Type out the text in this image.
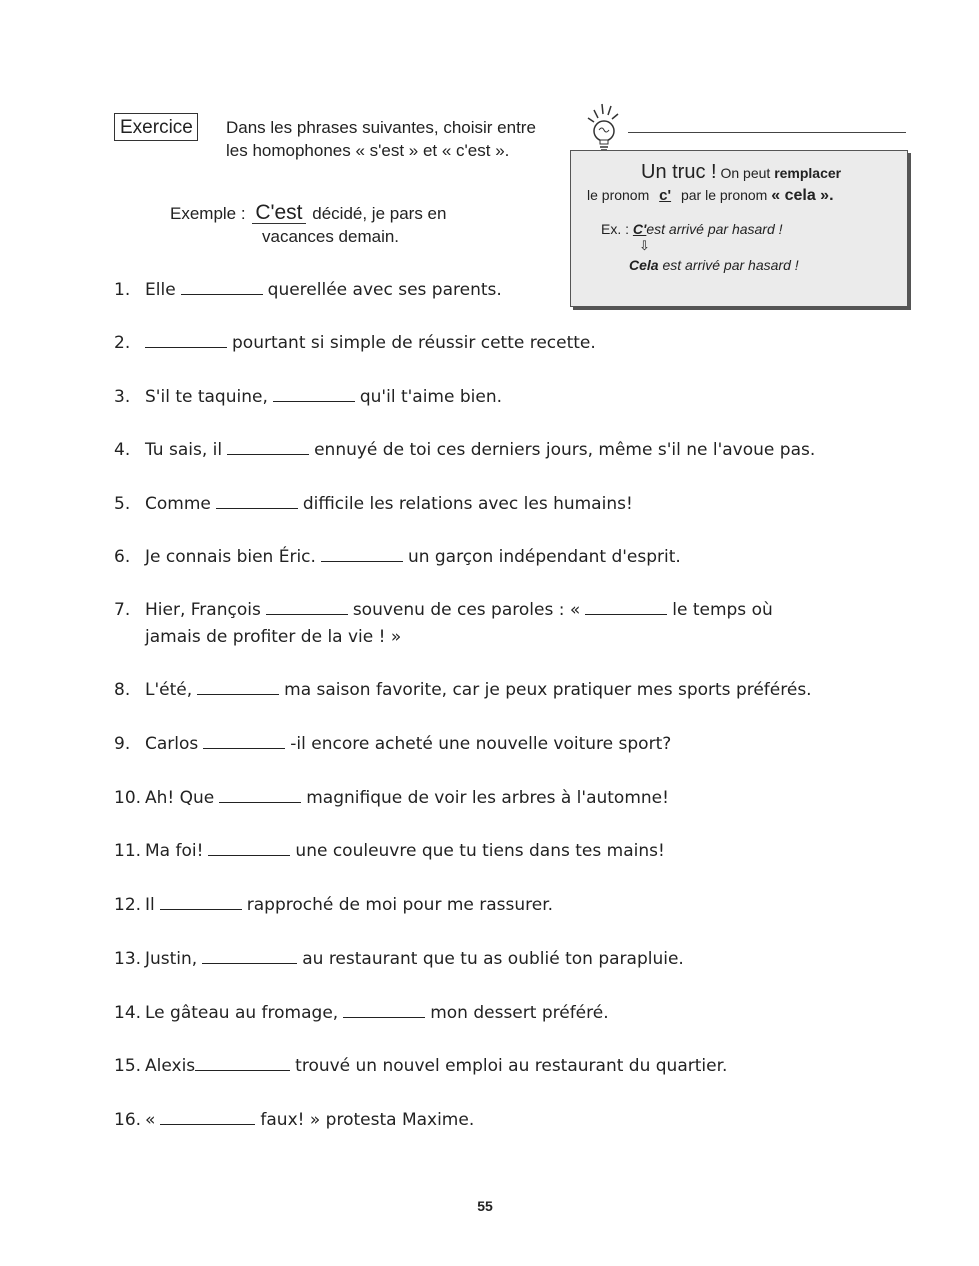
Exercice Dans les phrases suivantes, choisir entre les homophones « s'est » et « c'est ».
Exemple : C'est décidé, je pars en
vacances demain.
Un truc ! On peut remplacer
le pronom c' par le pronom « cela ».
Ex. : C'est arrivé par hasard !
⇩
Cela est arrivé par hasard !
1. Elle	querellée avec ses parents.
2.	pourtant si simple de réussir cette recette.
3. S'il te taquine,	qu'il t'aime bien.
4. Tu sais, il	ennuyé de toi ces derniers jours, même s'il ne l'avoue pas.
5. Comme	difficile les relations avec les humains!
6. Je connais bien Éric.	un garçon indépendant d'esprit.
7. Hier, François	souvenu de ces paroles : «	le temps où
jamais de profiter de la vie ! »
8. L'été,	ma saison favorite, car je peux pratiquer mes sports préférés.
9. Carlos	-il encore acheté une nouvelle voiture sport?
10. Ah! Que	magnifique de voir les arbres à l'automne!
11. Ma foi!	une couleuvre que tu tiens dans tes mains!
12. Il	rapproché de moi pour me rassurer.
13. Justin,	au restaurant que tu as oublié ton parapluie.
14. Le gâteau au fromage,	mon dessert préféré.
15. Alexis	trouvé un nouvel emploi au restaurant du quartier.
16. «	faux! » protesta Maxime.
55
